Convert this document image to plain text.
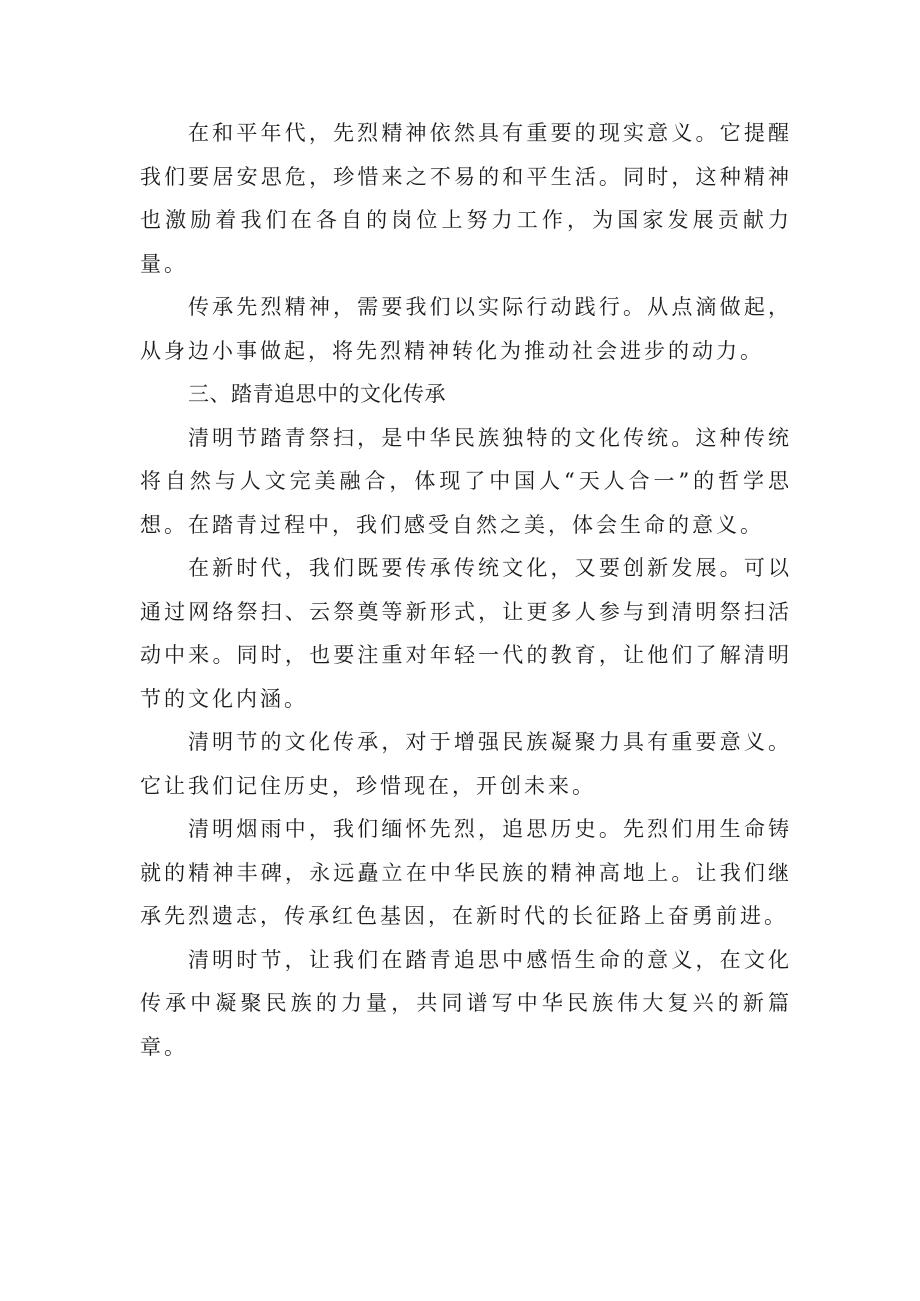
在和平年代，先烈精神依然具有重要的现实意义。它提醒我们要居安思危，珍惜来之不易的和平生活。同时，这种精神也激励着我们在各自的岗位上努力工作，为国家发展贡献力量。

传承先烈精神，需要我们以实际行动践行。从点滴做起，从身边小事做起，将先烈精神转化为推动社会进步的动力。

三、踏青追思中的文化传承

清明节踏青祭扫，是中华民族独特的文化传统。这种传统将自然与人文完美融合，体现了中国人“天人合一”的哲学思想。在踏青过程中，我们感受自然之美，体会生命的意义。

在新时代，我们既要传承传统文化，又要创新发展。可以通过网络祭扫、云祭奠等新形式，让更多人参与到清明祭扫活动中来。同时，也要注重对年轻一代的教育，让他们了解清明节的文化内涵。

清明节的文化传承，对于增强民族凝聚力具有重要意义。它让我们记住历史，珍惜现在，开创未来。

清明烟雨中，我们缅怀先烈，追思历史。先烈们用生命铸就的精神丰碑，永远矗立在中华民族的精神高地上。让我们继承先烈遗志，传承红色基因，在新时代的长征路上奋勇前进。

清明时节，让我们在踏青追思中感悟生命的意义，在文化传承中凝聚民族的力量，共同谱写中华民族伟大复兴的新篇章。
